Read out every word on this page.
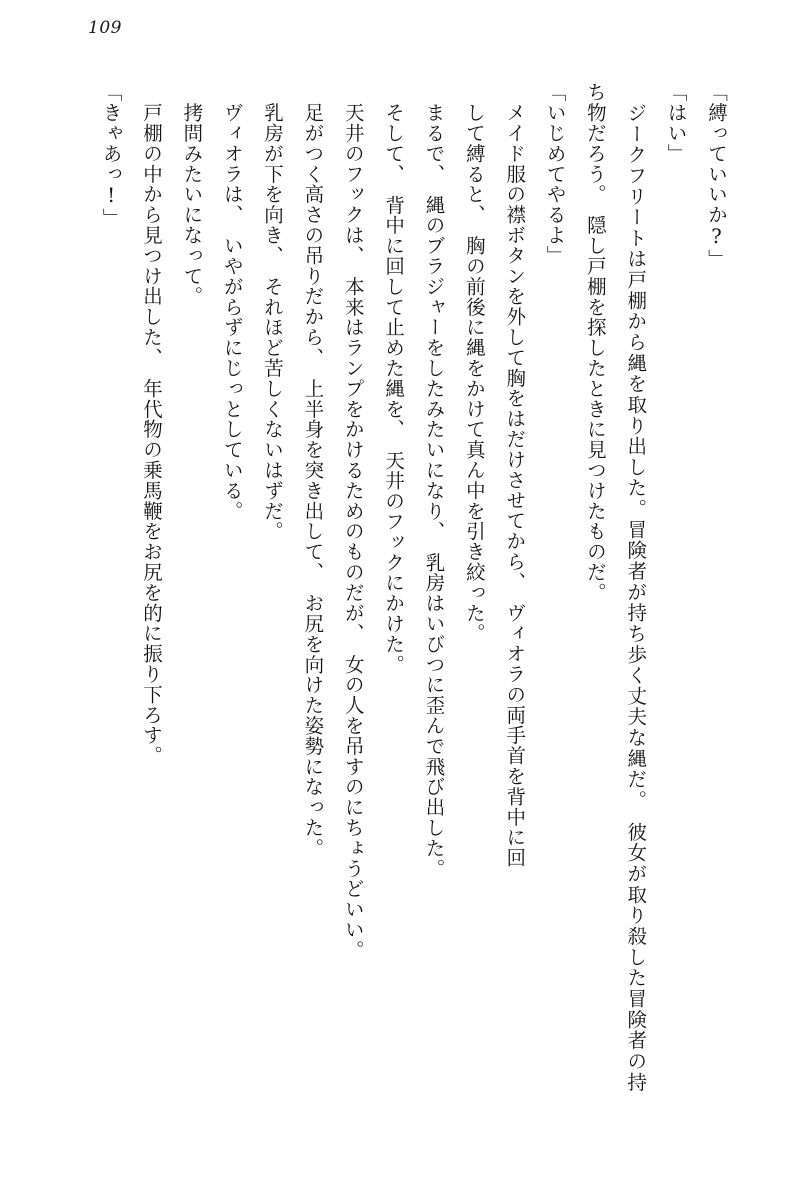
109

「縛っていいか?」

「はい」

　ジークフリートは戸棚から縄を取り出した。冒険者が持ち歩く丈夫な縄だ。　彼女が取り殺した冒険者の持ち物だろう。　隠し戸棚を探したときに見つけたものだ。

「いじめてやるよ」

　メイド服の襟ボタンを外して胸をはだけさせてから、　ヴィオラの両手首を背中に回

　して縛ると、　胸の前後に縄をかけて真ん中を引き絞った。

　まるで、　縄のブラジャーをしたみたいになり、　乳房はいびつに歪んで飛び出した。

　そして、　背中に回して止めた縄を、　天井のフックにかけた。

　天井のフックは、　本来はランプをかけるためのものだが、　女の人を吊すのにちょうどいい。

　足がつく高さの吊りだから、　上半身を突き出して、　お尻を向けた姿勢になった。

　乳房が下を向き、　それほど苦しくないはずだ。

　ヴィオラは、　いやがらずにじっとしている。

　拷問みたいになって。

　戸棚の中から見つけ出した、　年代物の乗馬鞭をお尻を的に振り下ろす。

「きゃあっ!」
